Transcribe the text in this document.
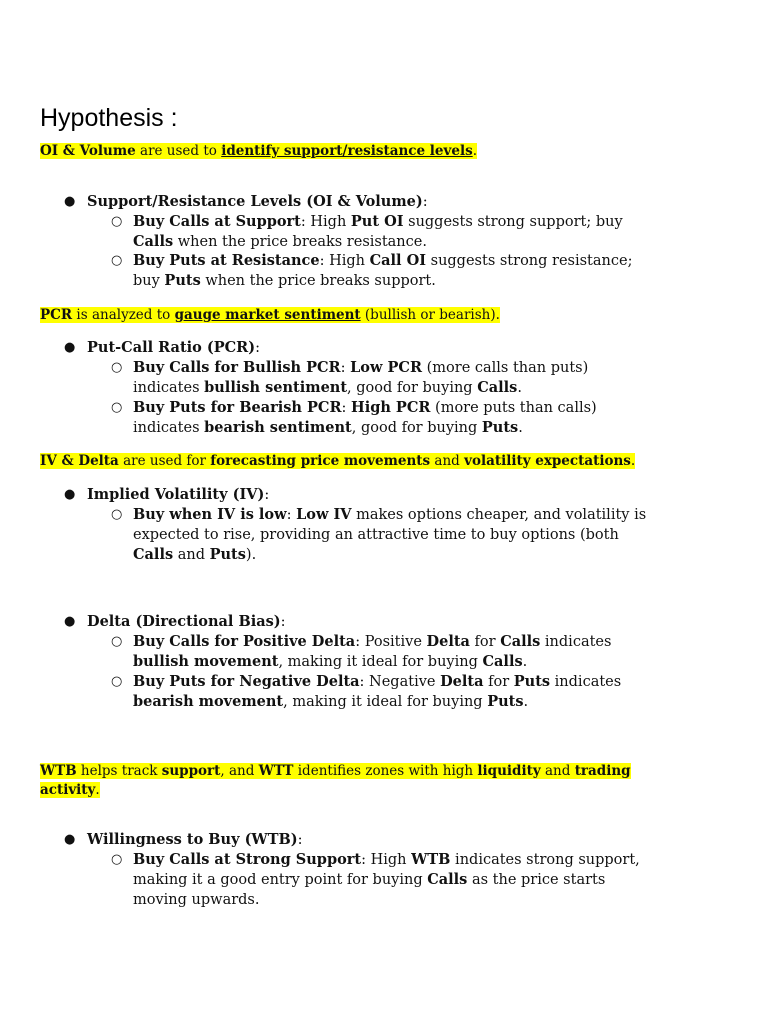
Hypothesis :
OI & Volume are used to identify support/resistance levels.
● Support/Resistance Levels (OI & Volume):
○ Buy Calls at Support: High Put OI suggests strong support; buy
Calls when the price breaks resistance.
○ Buy Puts at Resistance: High Call OI suggests strong resistance;
buy Puts when the price breaks support.
PCR is analyzed to gauge market sentiment (bullish or bearish).
● Put-Call Ratio (PCR):
○ Buy Calls for Bullish PCR: Low PCR (more calls than puts)
indicates bullish sentiment, good for buying Calls.
○ Buy Puts for Bearish PCR: High PCR (more puts than calls)
indicates bearish sentiment, good for buying Puts.
IV & Delta are used for forecasting price movements and volatility expectations.
● Implied Volatility (IV):
○ Buy when IV is low: Low IV makes options cheaper, and volatility is
expected to rise, providing an attractive time to buy options (both
Calls and Puts).
● Delta (Directional Bias):
○ Buy Calls for Positive Delta: Positive Delta for Calls indicates
bullish movement, making it ideal for buying Calls.
○ Buy Puts for Negative Delta: Negative Delta for Puts indicates
bearish movement, making it ideal for buying Puts.
WTB helps track support, and WTT identifies zones with high liquidity and trading
activity.
● Willingness to Buy (WTB):
○ Buy Calls at Strong Support: High WTB indicates strong support,
making it a good entry point for buying Calls as the price starts
moving upwards.
